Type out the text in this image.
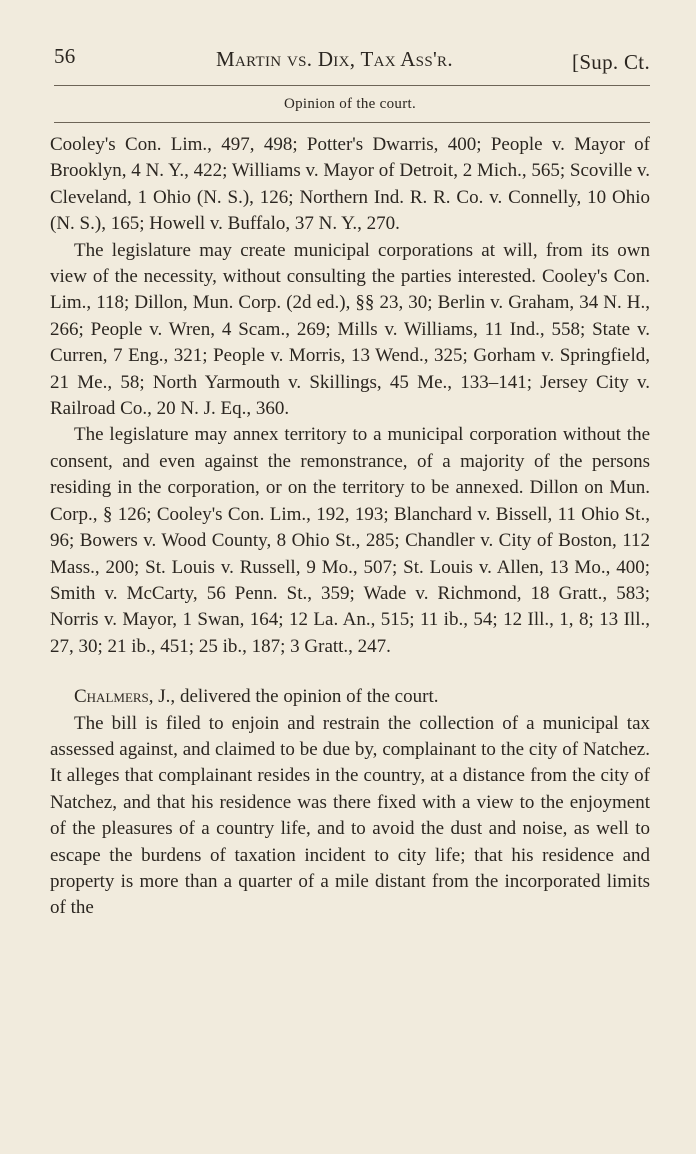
56	Martin vs. Dix, Tax Ass'r.	[Sup. Ct.
Opinion of the court.

Cooley's Con. Lim., 497, 498; Potter's Dwarris, 400; People v. Mayor of Brooklyn, 4 N. Y., 422; Williams v. Mayor of Detroit, 2 Mich., 565; Scoville v. Cleveland, 1 Ohio (N. S.), 126; Northern Ind. R. R. Co. v. Connelly, 10 Ohio (N. S.), 165; Howell v. Buffalo, 37 N. Y., 270.

The legislature may create municipal corporations at will, from its own view of the necessity, without consulting the parties interested. Cooley's Con. Lim., 118; Dillon, Mun. Corp. (2d ed.), §§ 23, 30; Berlin v. Graham, 34 N. H., 266; People v. Wren, 4 Scam., 269; Mills v. Williams, 11 Ind., 558; State v. Curren, 7 Eng., 321; People v. Morris, 13 Wend., 325; Gorham v. Springfield, 21 Me., 58; North Yarmouth v. Skillings, 45 Me., 133–141; Jersey City v. Railroad Co., 20 N. J. Eq., 360.

The legislature may annex territory to a municipal corporation without the consent, and even against the remonstrance, of a majority of the persons residing in the corporation, or on the territory to be annexed. Dillon on Mun. Corp., § 126; Cooley's Con. Lim., 192, 193; Blanchard v. Bissell, 11 Ohio St., 96; Bowers v. Wood County, 8 Ohio St., 285; Chandler v. City of Boston, 112 Mass., 200; St. Louis v. Russell, 9 Mo., 507; St. Louis v. Allen, 13 Mo., 400; Smith v. McCarty, 56 Penn. St., 359; Wade v. Richmond, 18 Gratt., 583; Norris v. Mayor, 1 Swan, 164; 12 La. An., 515; 11 ib., 54; 12 Ill., 1, 8; 13 Ill., 27, 30; 21 ib., 451; 25 ib., 187; 3 Gratt., 247.

Chalmers, J., delivered the opinion of the court.

The bill is filed to enjoin and restrain the collection of a municipal tax assessed against, and claimed to be due by, complainant to the city of Natchez. It alleges that complainant resides in the country, at a distance from the city of Natchez, and that his residence was there fixed with a view to the enjoyment of the pleasures of a country life, and to avoid the dust and noise, as well to escape the burdens of taxation incident to city life; that his residence and property is more than a quarter of a mile distant from the incorporated limits of the
